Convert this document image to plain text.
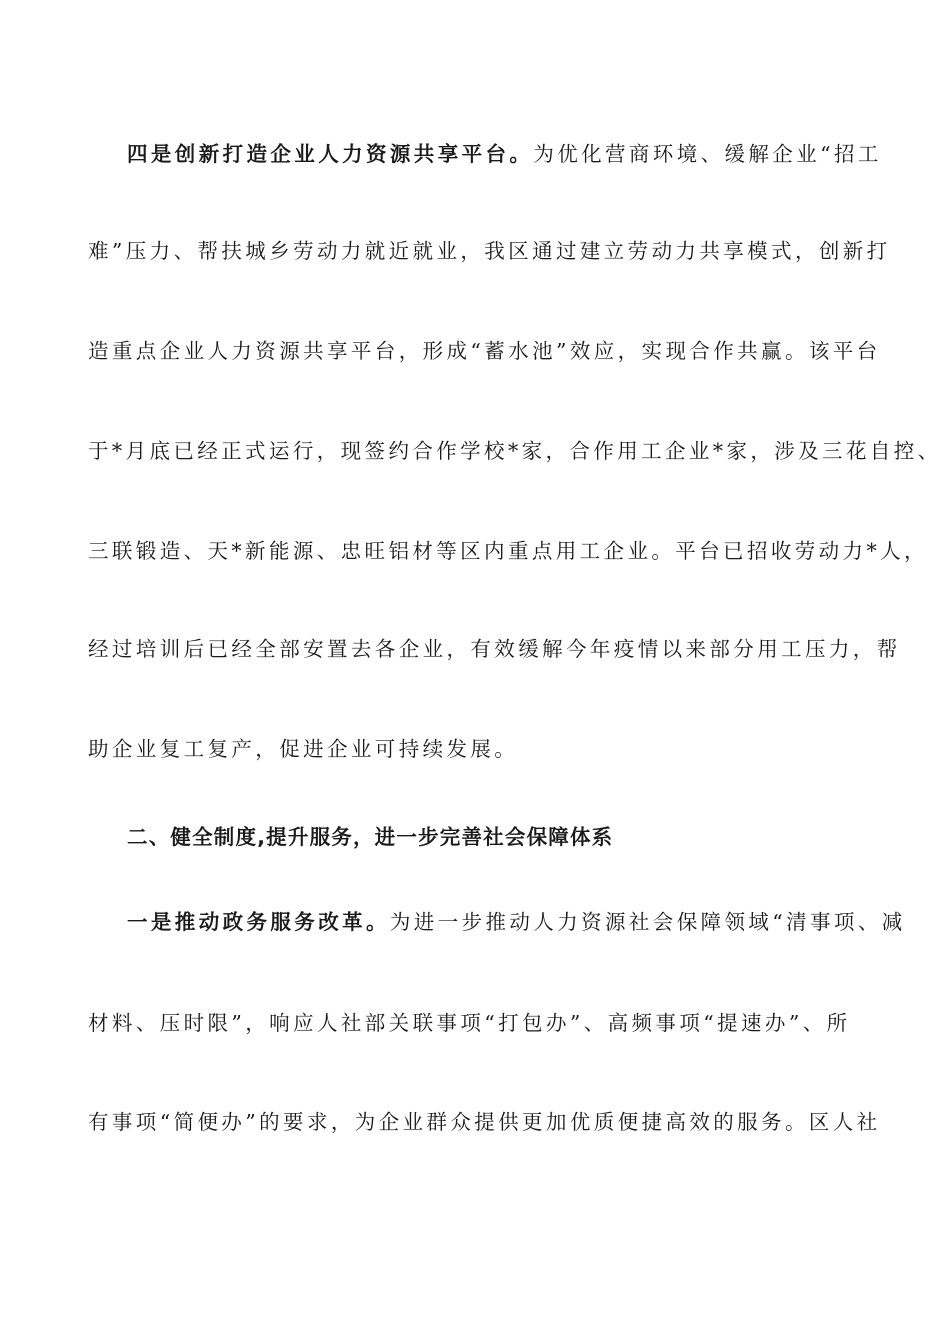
四是创新打造企业人力资源共享平台。为优化营商环境、缓解企业“招工
难”压力、帮扶城乡劳动力就近就业，我区通过建立劳动力共享模式，创新打
造重点企业人力资源共享平台，形成“蓄水池”效应，实现合作共赢。该平台
于*月底已经正式运行，现签约合作学校*家，合作用工企业*家，涉及三花自控、
三联锻造、天*新能源、忠旺铝材等区内重点用工企业。平台已招收劳动力*人，
经过培训后已经全部安置去各企业，有效缓解今年疫情以来部分用工压力，帮
助企业复工复产，促进企业可持续发展。
二、健全制度,提升服务，进一步完善社会保障体系
一是推动政务服务改革。为进一步推动人力资源社会保障领域“清事项、减
材料、压时限”，响应人社部关联事项“打包办”、高频事项“提速办”、所
有事项“简便办”的要求，为企业群众提供更加优质便捷高效的服务。区人社
